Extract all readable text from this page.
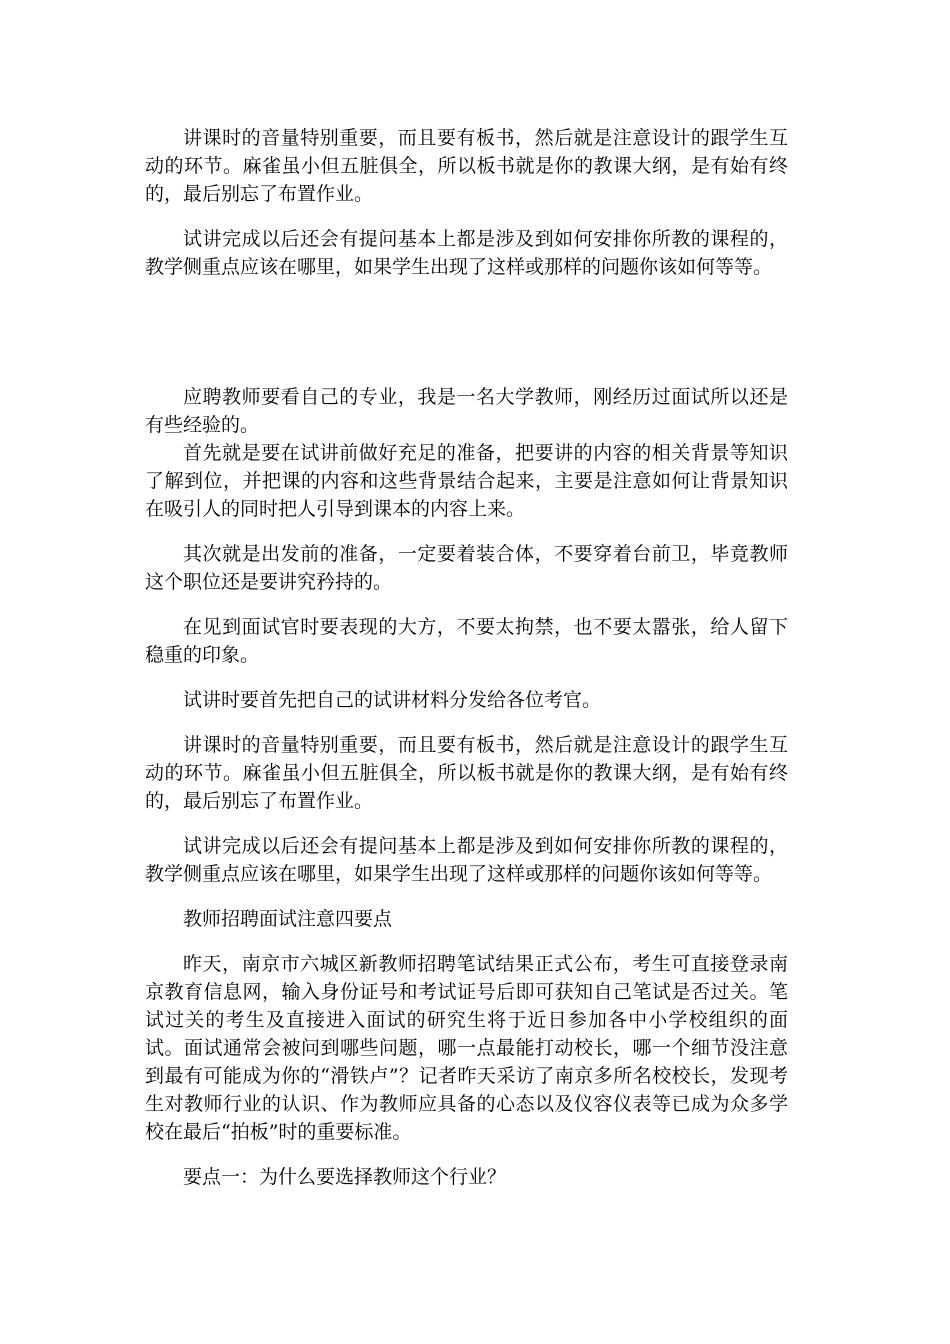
讲课时的音量特别重要，而且要有板书，然后就是注意设计的跟学生互动的环节。麻雀虽小但五脏俱全，所以板书就是你的教课大纲，是有始有终的，最后别忘了布置作业。

试讲完成以后还会有提问基本上都是涉及到如何安排你所教的课程的，教学侧重点应该在哪里，如果学生出现了这样或那样的问题你该如何等等。

应聘教师要看自己的专业，我是一名大学教师，刚经历过面试所以还是有些经验的。

首先就是要在试讲前做好充足的准备，把要讲的内容的相关背景等知识了解到位，并把课的内容和这些背景结合起来，主要是注意如何让背景知识在吸引人的同时把人引导到课本的内容上来。

其次就是出发前的准备，一定要着装合体，不要穿着台前卫，毕竟教师这个职位还是要讲究矜持的。

在见到面试官时要表现的大方，不要太拘禁，也不要太嚣张，给人留下稳重的印象。

试讲时要首先把自己的试讲材料分发给各位考官。

讲课时的音量特别重要，而且要有板书，然后就是注意设计的跟学生互动的环节。麻雀虽小但五脏俱全，所以板书就是你的教课大纲，是有始有终的，最后别忘了布置作业。

试讲完成以后还会有提问基本上都是涉及到如何安排你所教的课程的，教学侧重点应该在哪里，如果学生出现了这样或那样的问题你该如何等等。

教师招聘面试注意四要点

昨天，南京市六城区新教师招聘笔试结果正式公布，考生可直接登录南京教育信息网，输入身份证号和考试证号后即可获知自己笔试是否过关。笔试过关的考生及直接进入面试的研究生将于近日参加各中小学校组织的面试。面试通常会被问到哪些问题，哪一点最能打动校长，哪一个细节没注意到最有可能成为你的“滑铁卢”？记者昨天采访了南京多所名校校长，发现考生对教师行业的认识、作为教师应具备的心态以及仪容仪表等已成为众多学校在最后“拍板”时的重要标准。

要点一：为什么要选择教师这个行业？
